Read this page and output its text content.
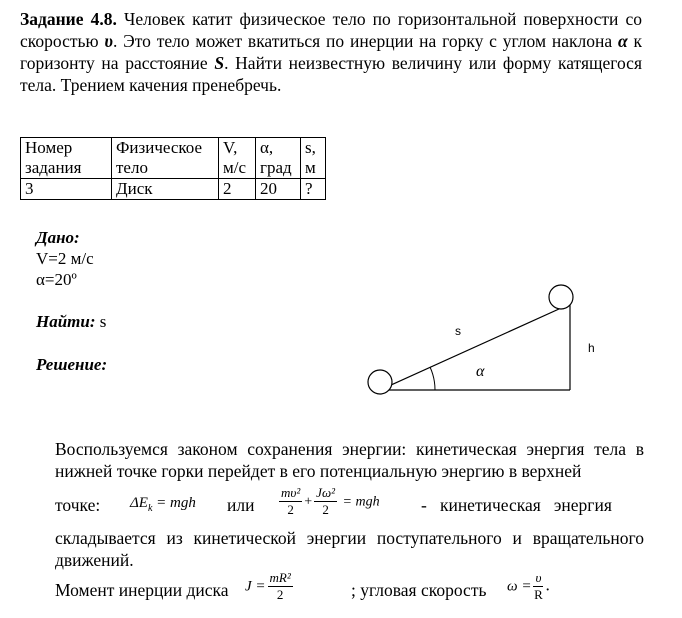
Задание 4.8. Человек катит физическое тело по горизонтальной поверхности со скоростью υ. Это тело может вкатиться по инерции на горку с углом наклона α к горизонту на расстояние S. Найти неизвестную величину или форму катящегося тела. Трением качения пренебречь.
Номер задания	Физическое тело	V, м/с	α, град	s, м
3	Диск	2	20	?
Дано:
V=2 м/с
α=20º
Найти: s
Решение:
s
h
α
Воспользуемся законом сохранения энергии: кинетическая энергия тела в нижней точке горки перейдет в его потенциальную энергию в верхней
точке: $\Delta E_k$ = mgh или $\frac{\text{mυ²}}{2} + \frac{\text{Jω²}}{2}$ = mgh -   кинетическая   энергия
складывается из кинетической энергии поступательного и вращательного движений.
Момент инерции диска $J = \frac{\text{mR²}}{2}$	; угловая скорость $\omega = \frac{\upsilon}{R}$ .
